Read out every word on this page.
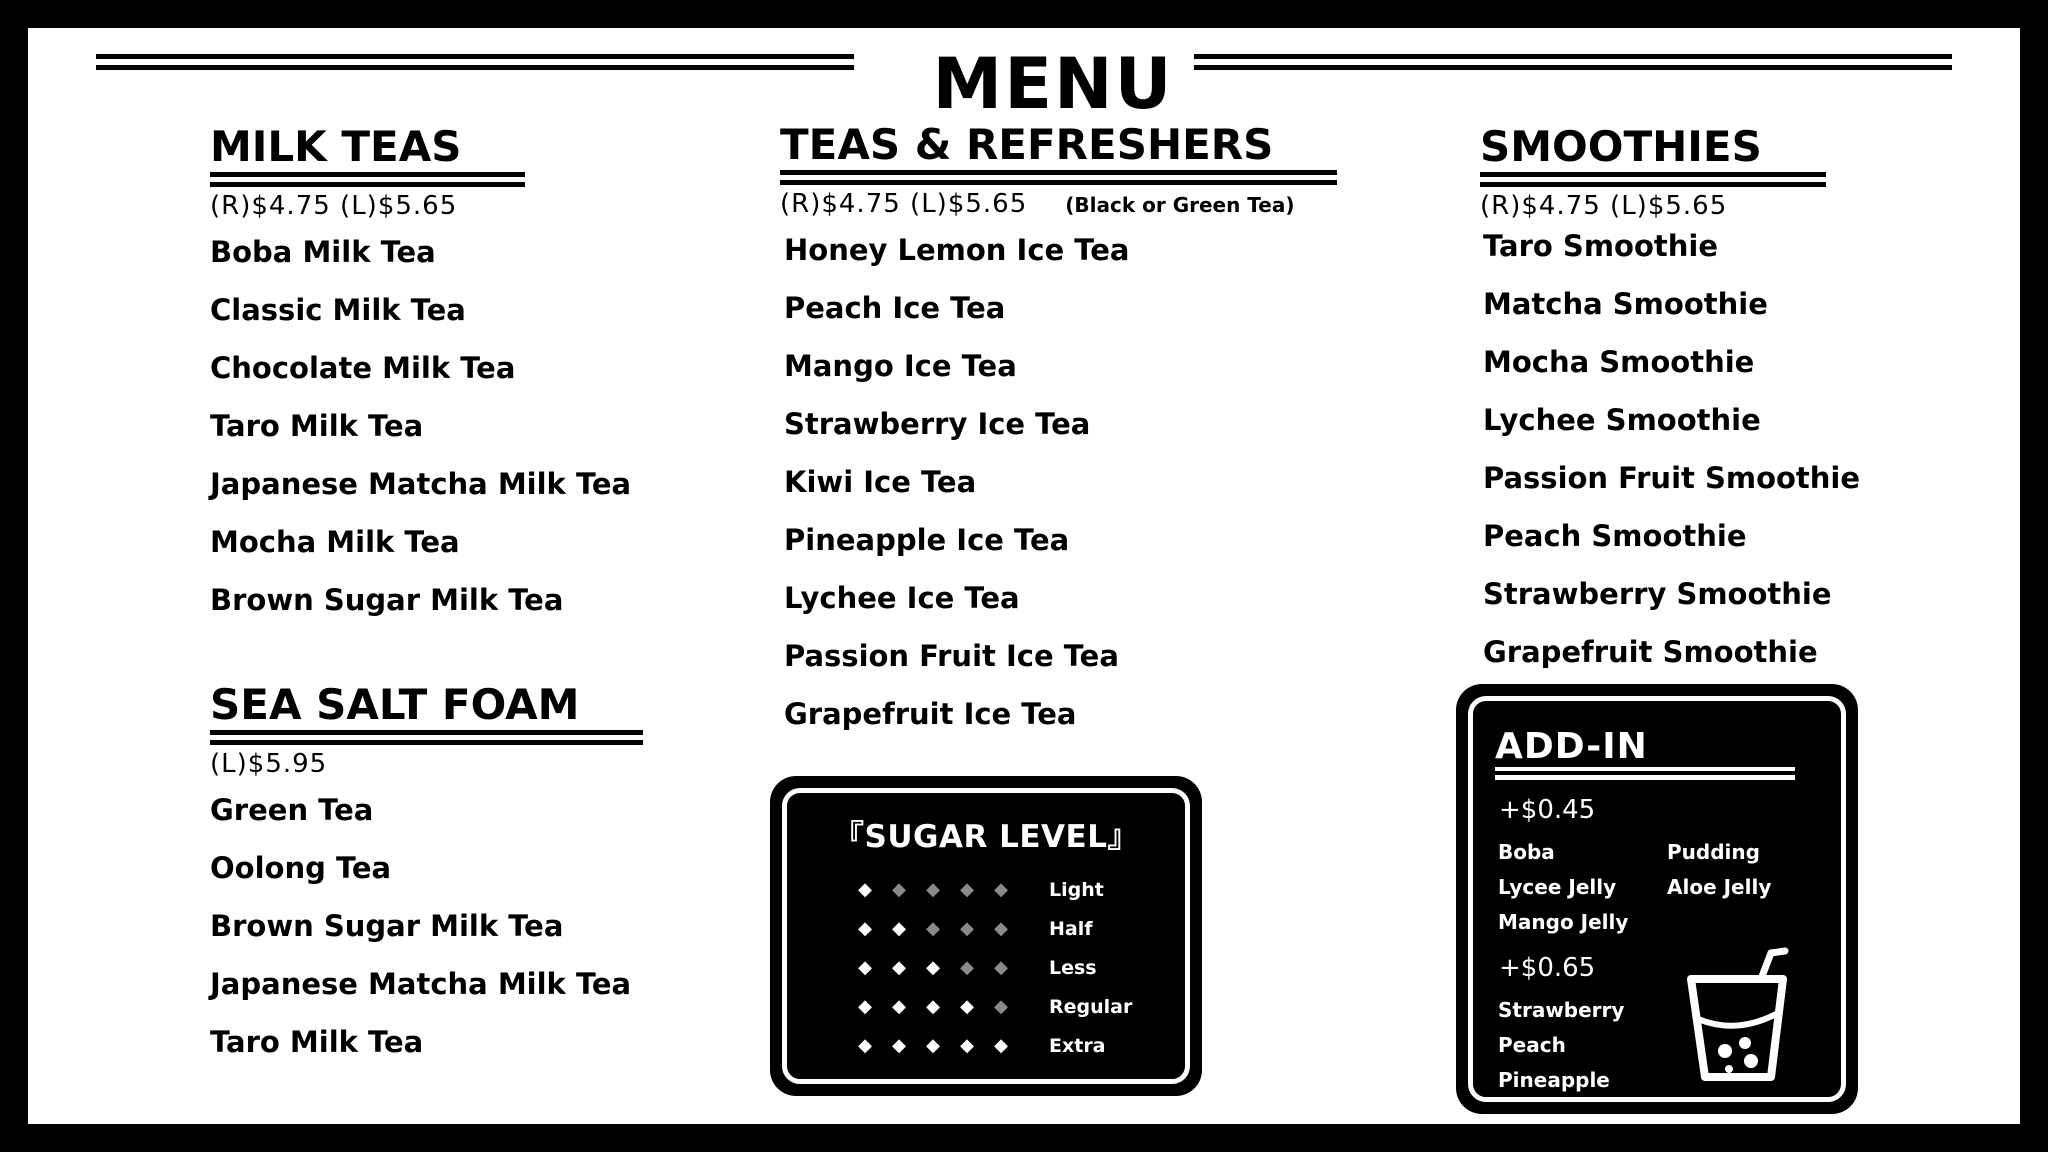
MENU
MILK TEAS
(R)$4.75 (L)$5.65
Boba Milk Tea
Classic Milk Tea
Chocolate Milk Tea
Taro Milk Tea
Japanese Matcha Milk Tea
Mocha Milk Tea
Brown Sugar Milk Tea
SEA SALT FOAM
(L)$5.95
Green Tea
Oolong Tea
Brown Sugar Milk Tea
Japanese Matcha Milk Tea
Taro Milk Tea
TEAS & REFRESHERS
(R)$4.75 (L)$5.65 (Black or Green Tea)
Honey Lemon Ice Tea
Peach Ice Tea
Mango Ice Tea
Strawberry Ice Tea
Kiwi Ice Tea
Pineapple Ice Tea
Lychee Ice Tea
Passion Fruit Ice Tea
Grapefruit Ice Tea
SMOOTHIES
(R)$4.75 (L)$5.65
Taro Smoothie
Matcha Smoothie
Mocha Smoothie
Lychee Smoothie
Passion Fruit Smoothie
Peach Smoothie
Strawberry Smoothie
Grapefruit Smoothie
『SUGAR LEVEL』
◆ ◆ ◆ ◆ ◆ Light
◆ ◆ ◆ ◆ ◆ Half
◆ ◆ ◆ ◆ ◆ Less
◆ ◆ ◆ ◆ ◆ Regular
◆ ◆ ◆ ◆ ◆ Extra
ADD-IN
+$0.45
Boba
Lycee Jelly
Mango Jelly
Pudding
Aloe Jelly
+$0.65
Strawberry
Peach
Pineapple
